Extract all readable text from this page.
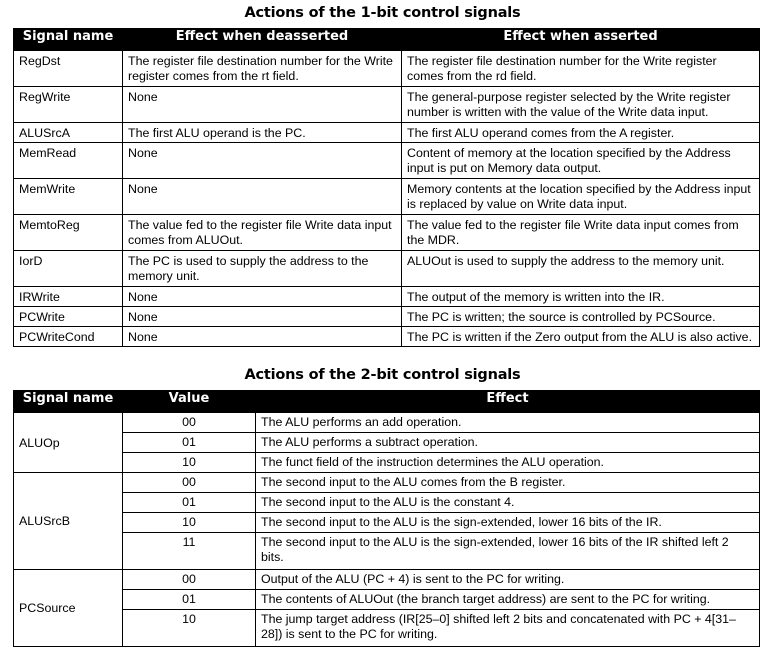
Actions of the 1-bit control signals
Signal name	Effect when deasserted	Effect when asserted
RegDst	The register file destination number for the Write register comes from the rt field.	The register file destination number for the Write register comes from the rd field.
RegWrite	None	The general-purpose register selected by the Write register number is written with the value of the Write data input.
ALUSrcA	The first ALU operand is the PC.	The first ALU operand comes from the A register.
MemRead	None	Content of memory at the location specified by the Address input is put on Memory data output.
MemWrite	None	Memory contents at the location specified by the Address input is replaced by value on Write data input.
MemtoReg	The value fed to the register file Write data input comes from ALUOut.	The value fed to the register file Write data input comes from the MDR.
IorD	The PC is used to supply the address to the memory unit.	ALUOut is used to supply the address to the memory unit.
IRWrite	None	The output of the memory is written into the IR.
PCWrite	None	The PC is written; the source is controlled by PCSource.
PCWriteCond	None	The PC is written if the Zero output from the ALU is also active.
Actions of the 2-bit control signals
Signal name	Value	Effect
ALUOp	00	The ALU performs an add operation.
	01	The ALU performs a subtract operation.
	10	The funct field of the instruction determines the ALU operation.
ALUSrcB	00	The second input to the ALU comes from the B register.
	01	The second input to the ALU is the constant 4.
	10	The second input to the ALU is the sign-extended, lower 16 bits of the IR.
	11	The second input to the ALU is the sign-extended, lower 16 bits of the IR shifted left 2 bits.
PCSource	00	Output of the ALU (PC + 4) is sent to the PC for writing.
	01	The contents of ALUOut (the branch target address) are sent to the PC for writing.
	10	The jump target address (IR[25–0] shifted left 2 bits and concatenated with PC + 4[31–28]) is sent to the PC for writing.
